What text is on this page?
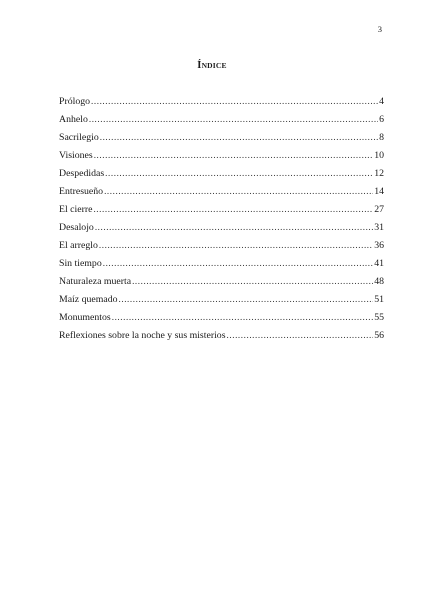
3
ÍNDICE
Prólogo .....	4
Anhelo .....	6
Sacrilegio .....	8
Visiones .....	10
Despedidas .....	12
Entresueño .....	14
El cierre .....	27
Desalojo .....	31
El arreglo .....	36
Sin tiempo .....	41
Naturaleza muerta .....	48
Maíz quemado .....	51
Monumentos .....	55
Reflexiones sobre la noche y sus misterios .....	56
